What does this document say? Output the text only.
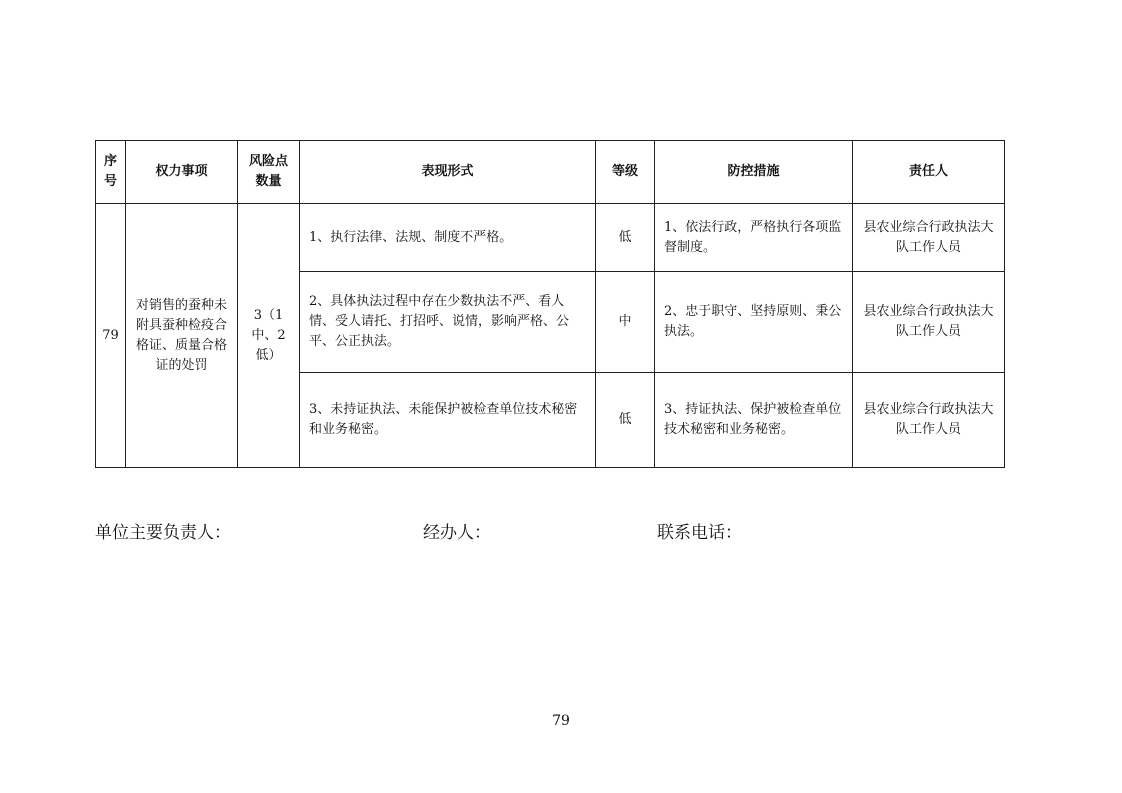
序号	权力事项	风险点数量	表现形式	等级	防控措施	责任人
79	对销售的蚕种未附具蚕种检疫合格证、质量合格证的处罚	3（1中、2低）	1、执行法律、法规、制度不严格。	低	1、依法行政，严格执行各项监督制度。	县农业综合行政执法大队工作人员

			2、具体执法过程中存在少数执法不严、看人情、受人请托、打招呼、说情，影响严格、公平、公正执法。	中	2、忠于职守、坚持原则、秉公执法。	县农业综合行政执法大队工作人员

			3、未持证执法、未能保护被检查单位技术秘密和业务秘密。	低	3、持证执法、保护被检查单位技术秘密和业务秘密。	县农业综合行政执法大队工作人员
单位主要负责人：	经办人：	联系电话：
79
